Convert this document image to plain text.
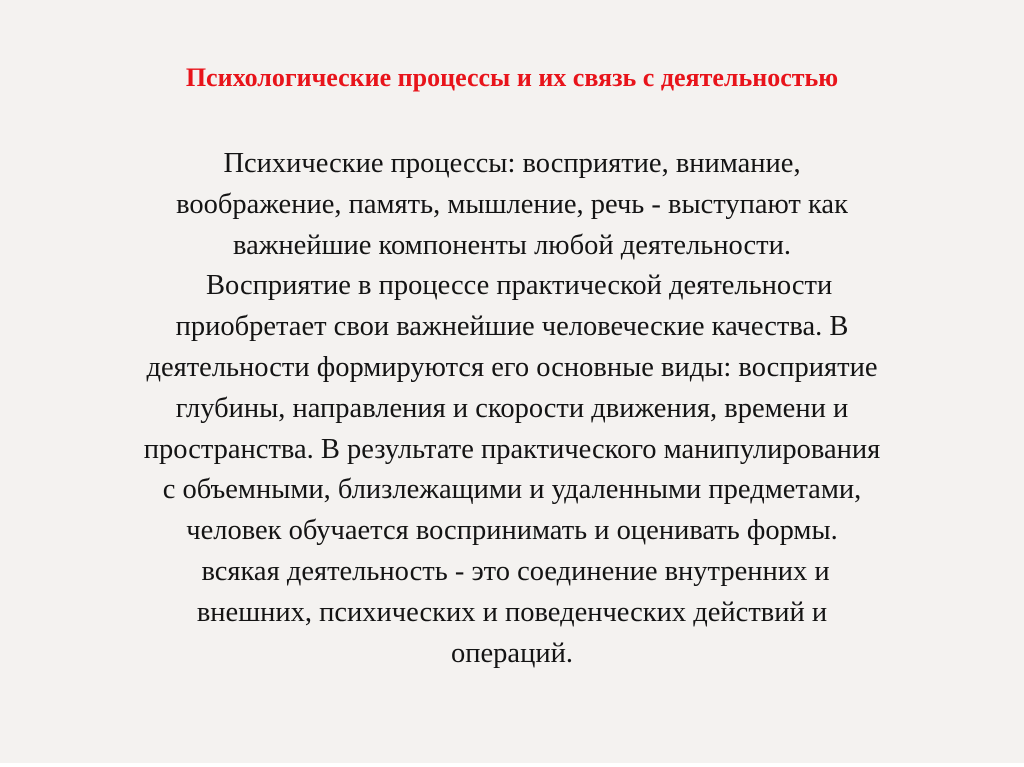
Психологические процессы и их связь с деятельностью
Психические процессы: восприятие, внимание,
воображение, память, мышление, речь - выступают как
важнейшие компоненты любой деятельности.
Восприятие в процессе практической деятельности
приобретает свои важнейшие человеческие качества. В
деятельности формируются его основные виды: восприятие
глубины, направления и скорости движения, времени и
пространства. В результате практического манипулирования
с объемными, близлежащими и удаленными предметами,
человек обучается воспринимать и оценивать формы.
всякая деятельность - это соединение внутренних и
внешних, психических и поведенческих действий и
операций.
